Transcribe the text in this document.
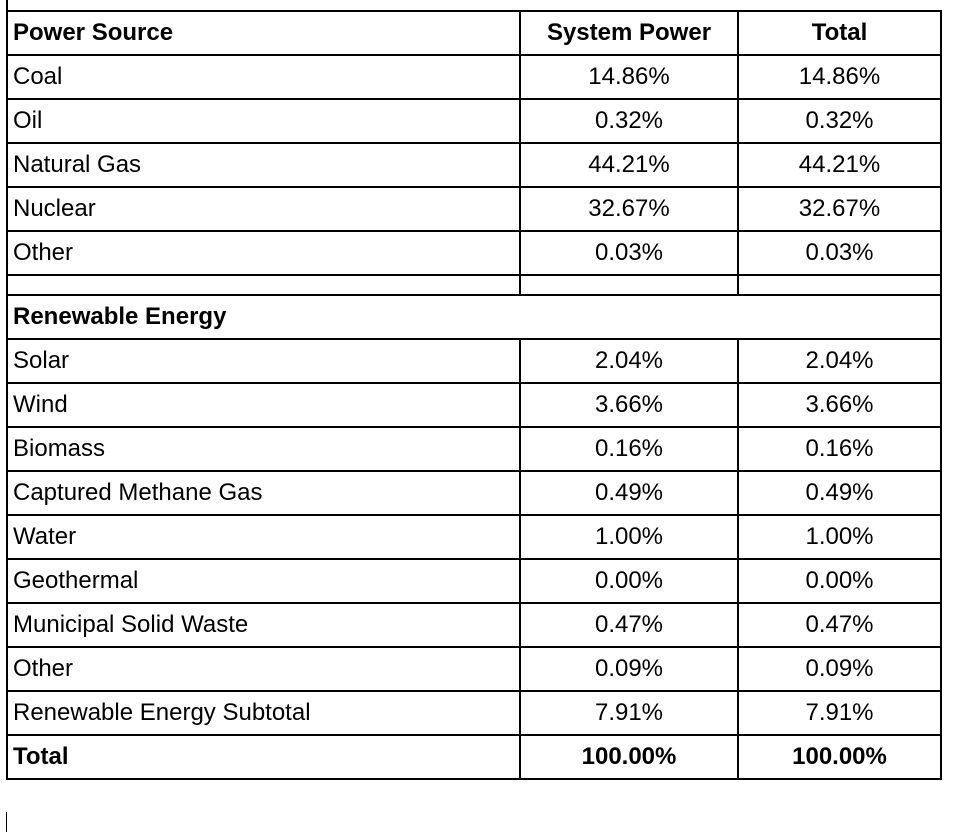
Power Source	System Power	Total
Coal	14.86%	14.86%
Oil	0.32%	0.32%
Natural Gas	44.21%	44.21%
Nuclear	32.67%	32.67%
Other	0.03%	0.03%

Renewable Energy		
Solar	2.04%	2.04%
Wind	3.66%	3.66%
Biomass	0.16%	0.16%
Captured Methane Gas	0.49%	0.49%
Water	1.00%	1.00%
Geothermal	0.00%	0.00%
Municipal Solid Waste	0.47%	0.47%
Other	0.09%	0.09%
Renewable Energy Subtotal	7.91%	7.91%
Total	100.00%	100.00%
